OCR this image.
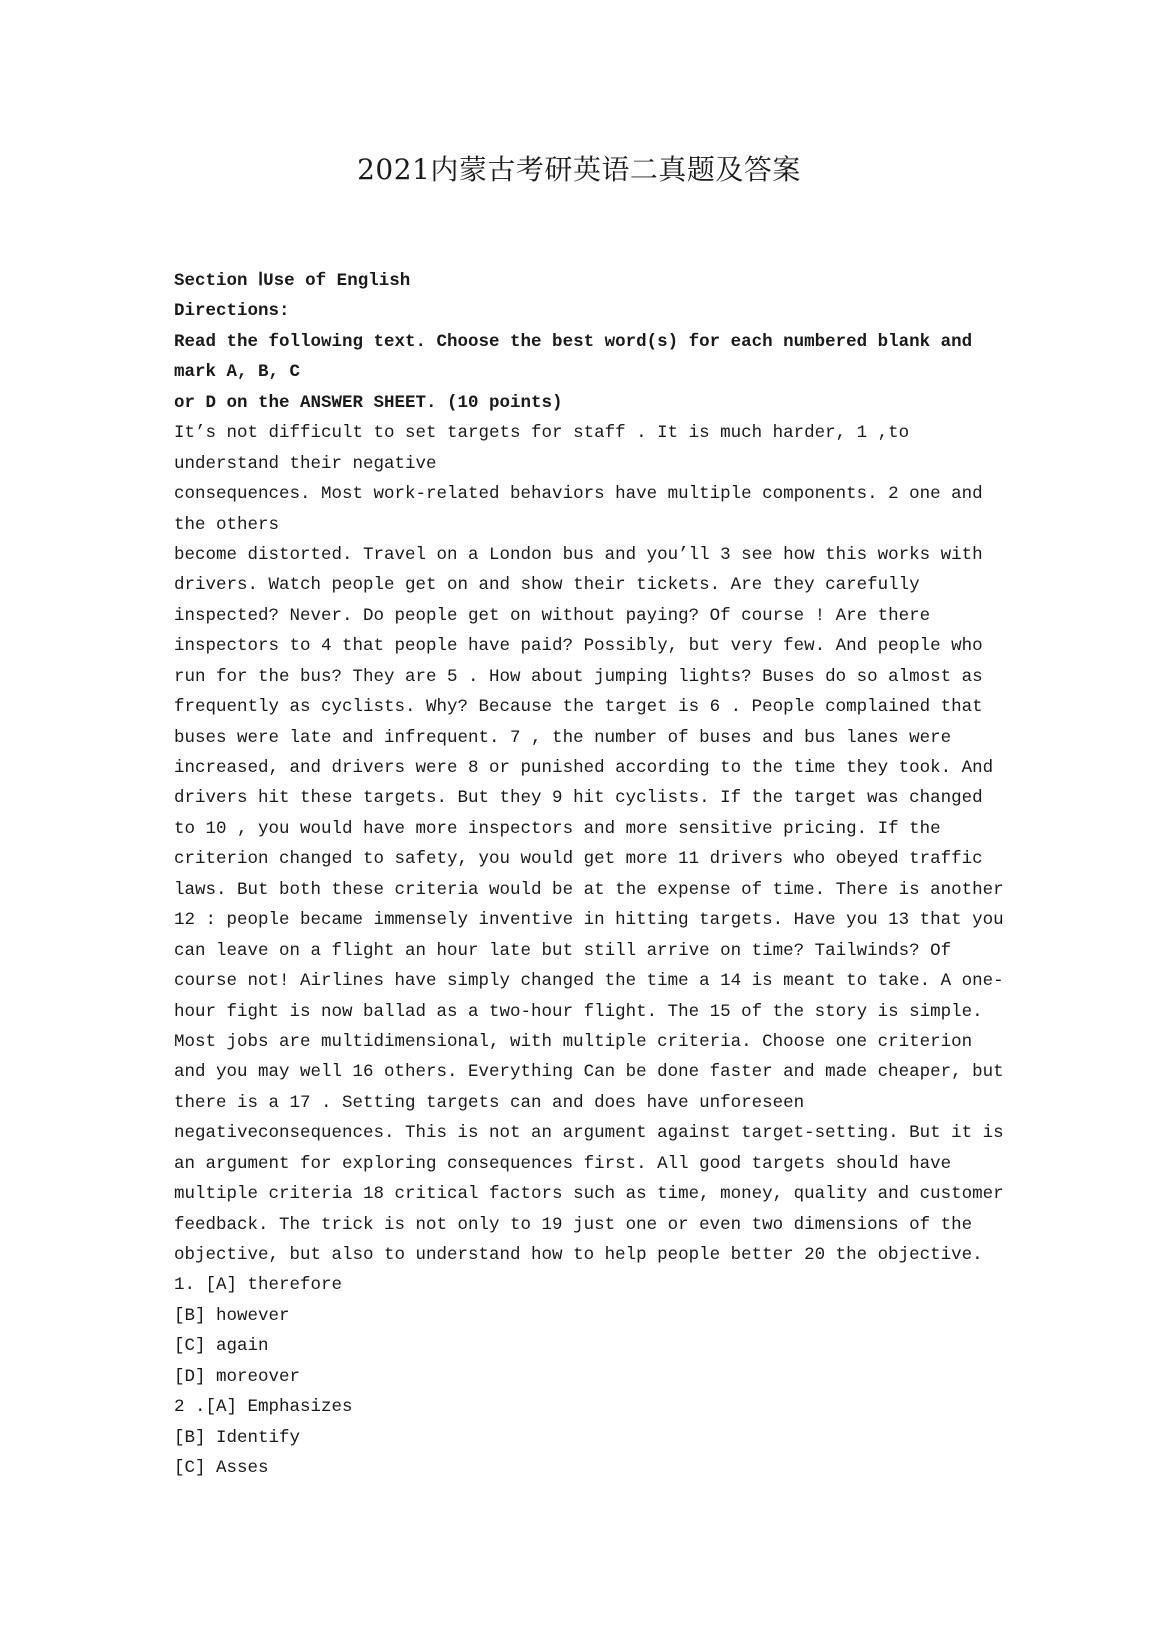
2021内蒙古考研英语二真题及答案
Section ⅠUse of English
Directions:
Read the following text. Choose the best word(s) for each numbered blank and
mark A, B, C
or D on the ANSWER SHEET. (10 points)
It’s not difficult to set targets for staff . It is much harder, 1 ,to
understand their negative
consequences. Most work-related behaviors have multiple components. 2 one and
the others
become distorted. Travel on a London bus and you’ll 3 see how this works with
drivers. Watch people get on and show their tickets. Are they carefully
inspected? Never. Do people get on without paying? Of course ! Are there
inspectors to 4 that people have paid? Possibly, but very few. And people who
run for the bus? They are 5 . How about jumping lights? Buses do so almost as
frequently as cyclists. Why? Because the target is 6 . People complained that
buses were late and infrequent. 7 , the number of buses and bus lanes were
increased, and drivers were 8 or punished according to the time they took. And
drivers hit these targets. But they 9 hit cyclists. If the target was changed
to 10 , you would have more inspectors and more sensitive pricing. If the
criterion changed to safety, you would get more 11 drivers who obeyed traffic
laws. But both these criteria would be at the expense of time. There is another
12 : people became immensely inventive in hitting targets. Have you 13 that you
can leave on a flight an hour late but still arrive on time? Tailwinds? Of
course not! Airlines have simply changed the time a 14 is meant to take. A one-
hour fight is now ballad as a two-hour flight. The 15 of the story is simple.
Most jobs are multidimensional, with multiple criteria. Choose one criterion
and you may well 16 others. Everything Can be done faster and made cheaper, but
there is a 17 . Setting targets can and does have unforeseen
negativeconsequences. This is not an argument against target-setting. But it is
an argument for exploring consequences first. All good targets should have
multiple criteria 18 critical factors such as time, money, quality and customer
feedback. The trick is not only to 19 just one or even two dimensions of the
objective, but also to understand how to help people better 20 the objective.
1. [A] therefore
[B] however
[C] again
[D] moreover
2 .[A] Emphasizes
[B] Identify
[C] Asses
